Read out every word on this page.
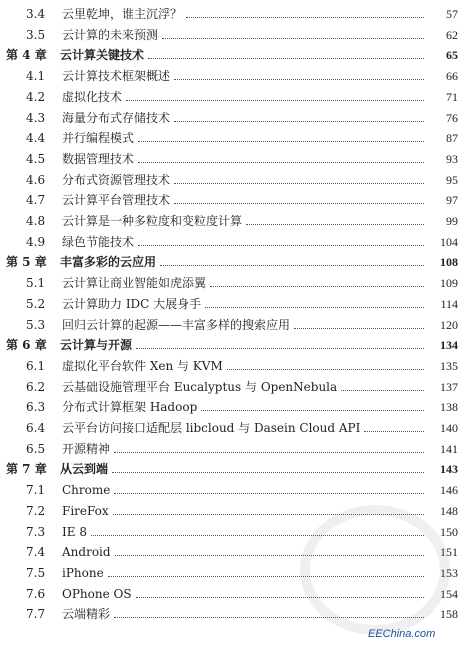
3.4	云里乾坤，谁主沉浮？	57
3.5	云计算的未来预测	62
第 4 章	云计算关键技术	65
4.1	云计算技术框架概述	66
4.2	虚拟化技术	71
4.3	海量分布式存储技术	76
4.4	并行编程模式	87
4.5	数据管理技术	93
4.6	分布式资源管理技术	95
4.7	云计算平台管理技术	97
4.8	云计算是一种多粒度和变粒度计算	99
4.9	绿色节能技术	104
第 5 章	丰富多彩的云应用	108
5.1	云计算让商业智能如虎添翼	109
5.2	云计算助力 IDC 大展身手	114
5.3	回归云计算的起源——丰富多样的搜索应用	120
第 6 章	云计算与开源	134
6.1	虚拟化平台软件 Xen 与 KVM	135
6.2	云基础设施管理平台 Eucalyptus 与 OpenNebula	137
6.3	分布式计算框架 Hadoop	138
6.4	云平台访问接口适配层 libcloud 与 Dasein Cloud API	140
6.5	开源精神	141
第 7 章	从云到端	143
7.1	Chrome	146
7.2	FireFox	148
7.3	IE 8	150
7.4	Android	151
7.5	iPhone	153
7.6	OPhone OS	154
7.7	云端精彩	158
EEChina.com
